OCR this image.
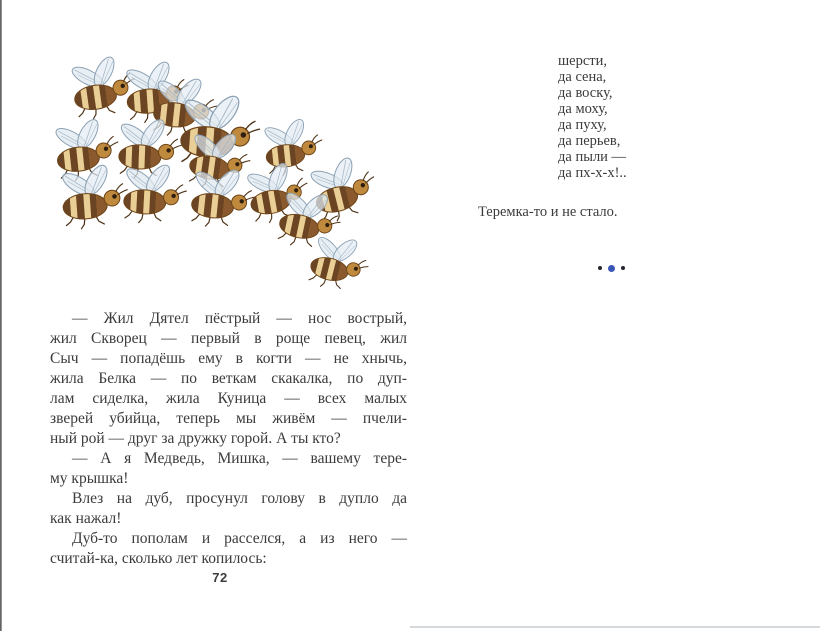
— Жил Дятел пёстрый — нос вострый,
жил Скворец — первый в роще певец, жил
Сыч — попадёшь ему в когти — не хнычь,
жила Белка — по веткам скакалка, по дуп-
лам сиделка, жила Куница — всех малых
зверей убийца, теперь мы живём — пчели-
ный рой — друг за дружку горой. А ты кто?
— А я Медведь, Мишка, — вашему тере-
му крышка!
Влез на дуб, просунул голову в дупло да
как нажал!
Дуб-то пополам и расселся, а из него —
считай-ка, сколько лет копилось:
72
шерсти,
да сена,
да воску,
да моху,
да пуху,
да перьев,
да пыли —
да пх-х-х!..
Теремка-то и не стало.
